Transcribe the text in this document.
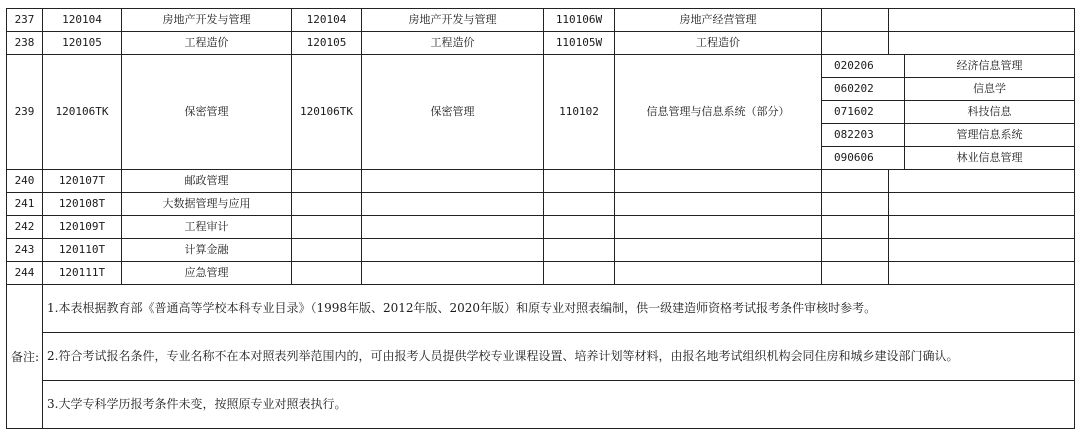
237	120104	房地产开发与管理	120104	房地产开发与管理	110106W	房地产经营管理		
238	120105	工程造价	120105	工程造价	110105W	工程造价		
239	120106TK	保密管理	120106TK	保密管理	110102	信息管理与信息系统（部分）	
020206	经济信息管理
060202	信息学
071602	科技信息
082203	管理信息系统
090606	林业信息管理

240	120107T	邮政管理						
241	120108T	大数据管理与应用						
242	120109T	工程审计						
243	120110T	计算金融						
244	120111T	应急管理						
备注:	
1.本表根据教育部《普通高等学校本科专业目录》（1998年版、2012年版、2020年版）和原专业对照表编制，供一级建造师资格考试报考条件审核时参考。
2.符合考试报名条件，专业名称不在本对照表列举范围内的，可由报考人员提供学校专业课程设置、培养计划等材料，由报名地考试组织机构会同住房和城乡建设部门确认。
3.大学专科学历报考条件未变，按照原专业对照表执行。
